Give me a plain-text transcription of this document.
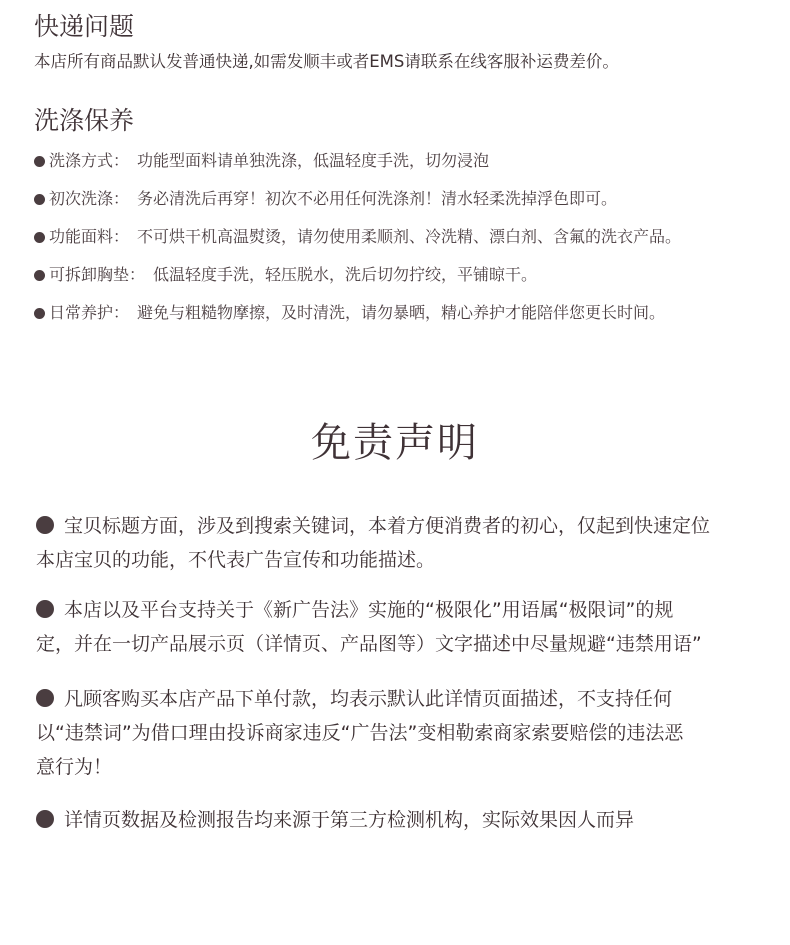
快递问题

本店所有商品默认发普通快递,如需发顺丰或者EMS请联系在线客服补运费差价。

洗涤保养
洗涤方式： 功能型面料请单独洗涤，低温轻度手洗，切勿浸泡
初次洗涤： 务必清洗后再穿！初次不必用任何洗涤剂！清水轻柔洗掉浮色即可。
功能面料： 不可烘干机高温熨烫，请勿使用柔顺剂、冷洗精、漂白剂、含氟的洗衣产品。
可拆卸胸垫： 低温轻度手洗，轻压脱水，洗后切勿拧绞，平铺晾干。
日常养护： 避免与粗糙物摩擦，及时清洗，请勿暴晒，精心养护才能陪伴您更长时间。
免责声明

宝贝标题方面，涉及到搜索关键词，本着方便消费者的初心，仅起到快速定位
本店宝贝的功能，不代表广告宣传和功能描述。

本店以及平台支持关于《新广告法》实施的“极限化”用语属“极限词”的规
定，并在一切产品展示页（详情页、产品图等）文字描述中尽量规避“违禁用语”

凡顾客购买本店产品下单付款，均表示默认此详情页面描述，不支持任何
以“违禁词”为借口理由投诉商家违反“广告法”变相勒索商家索要赔偿的违法恶
意行为！

详情页数据及检测报告均来源于第三方检测机构，实际效果因人而异
